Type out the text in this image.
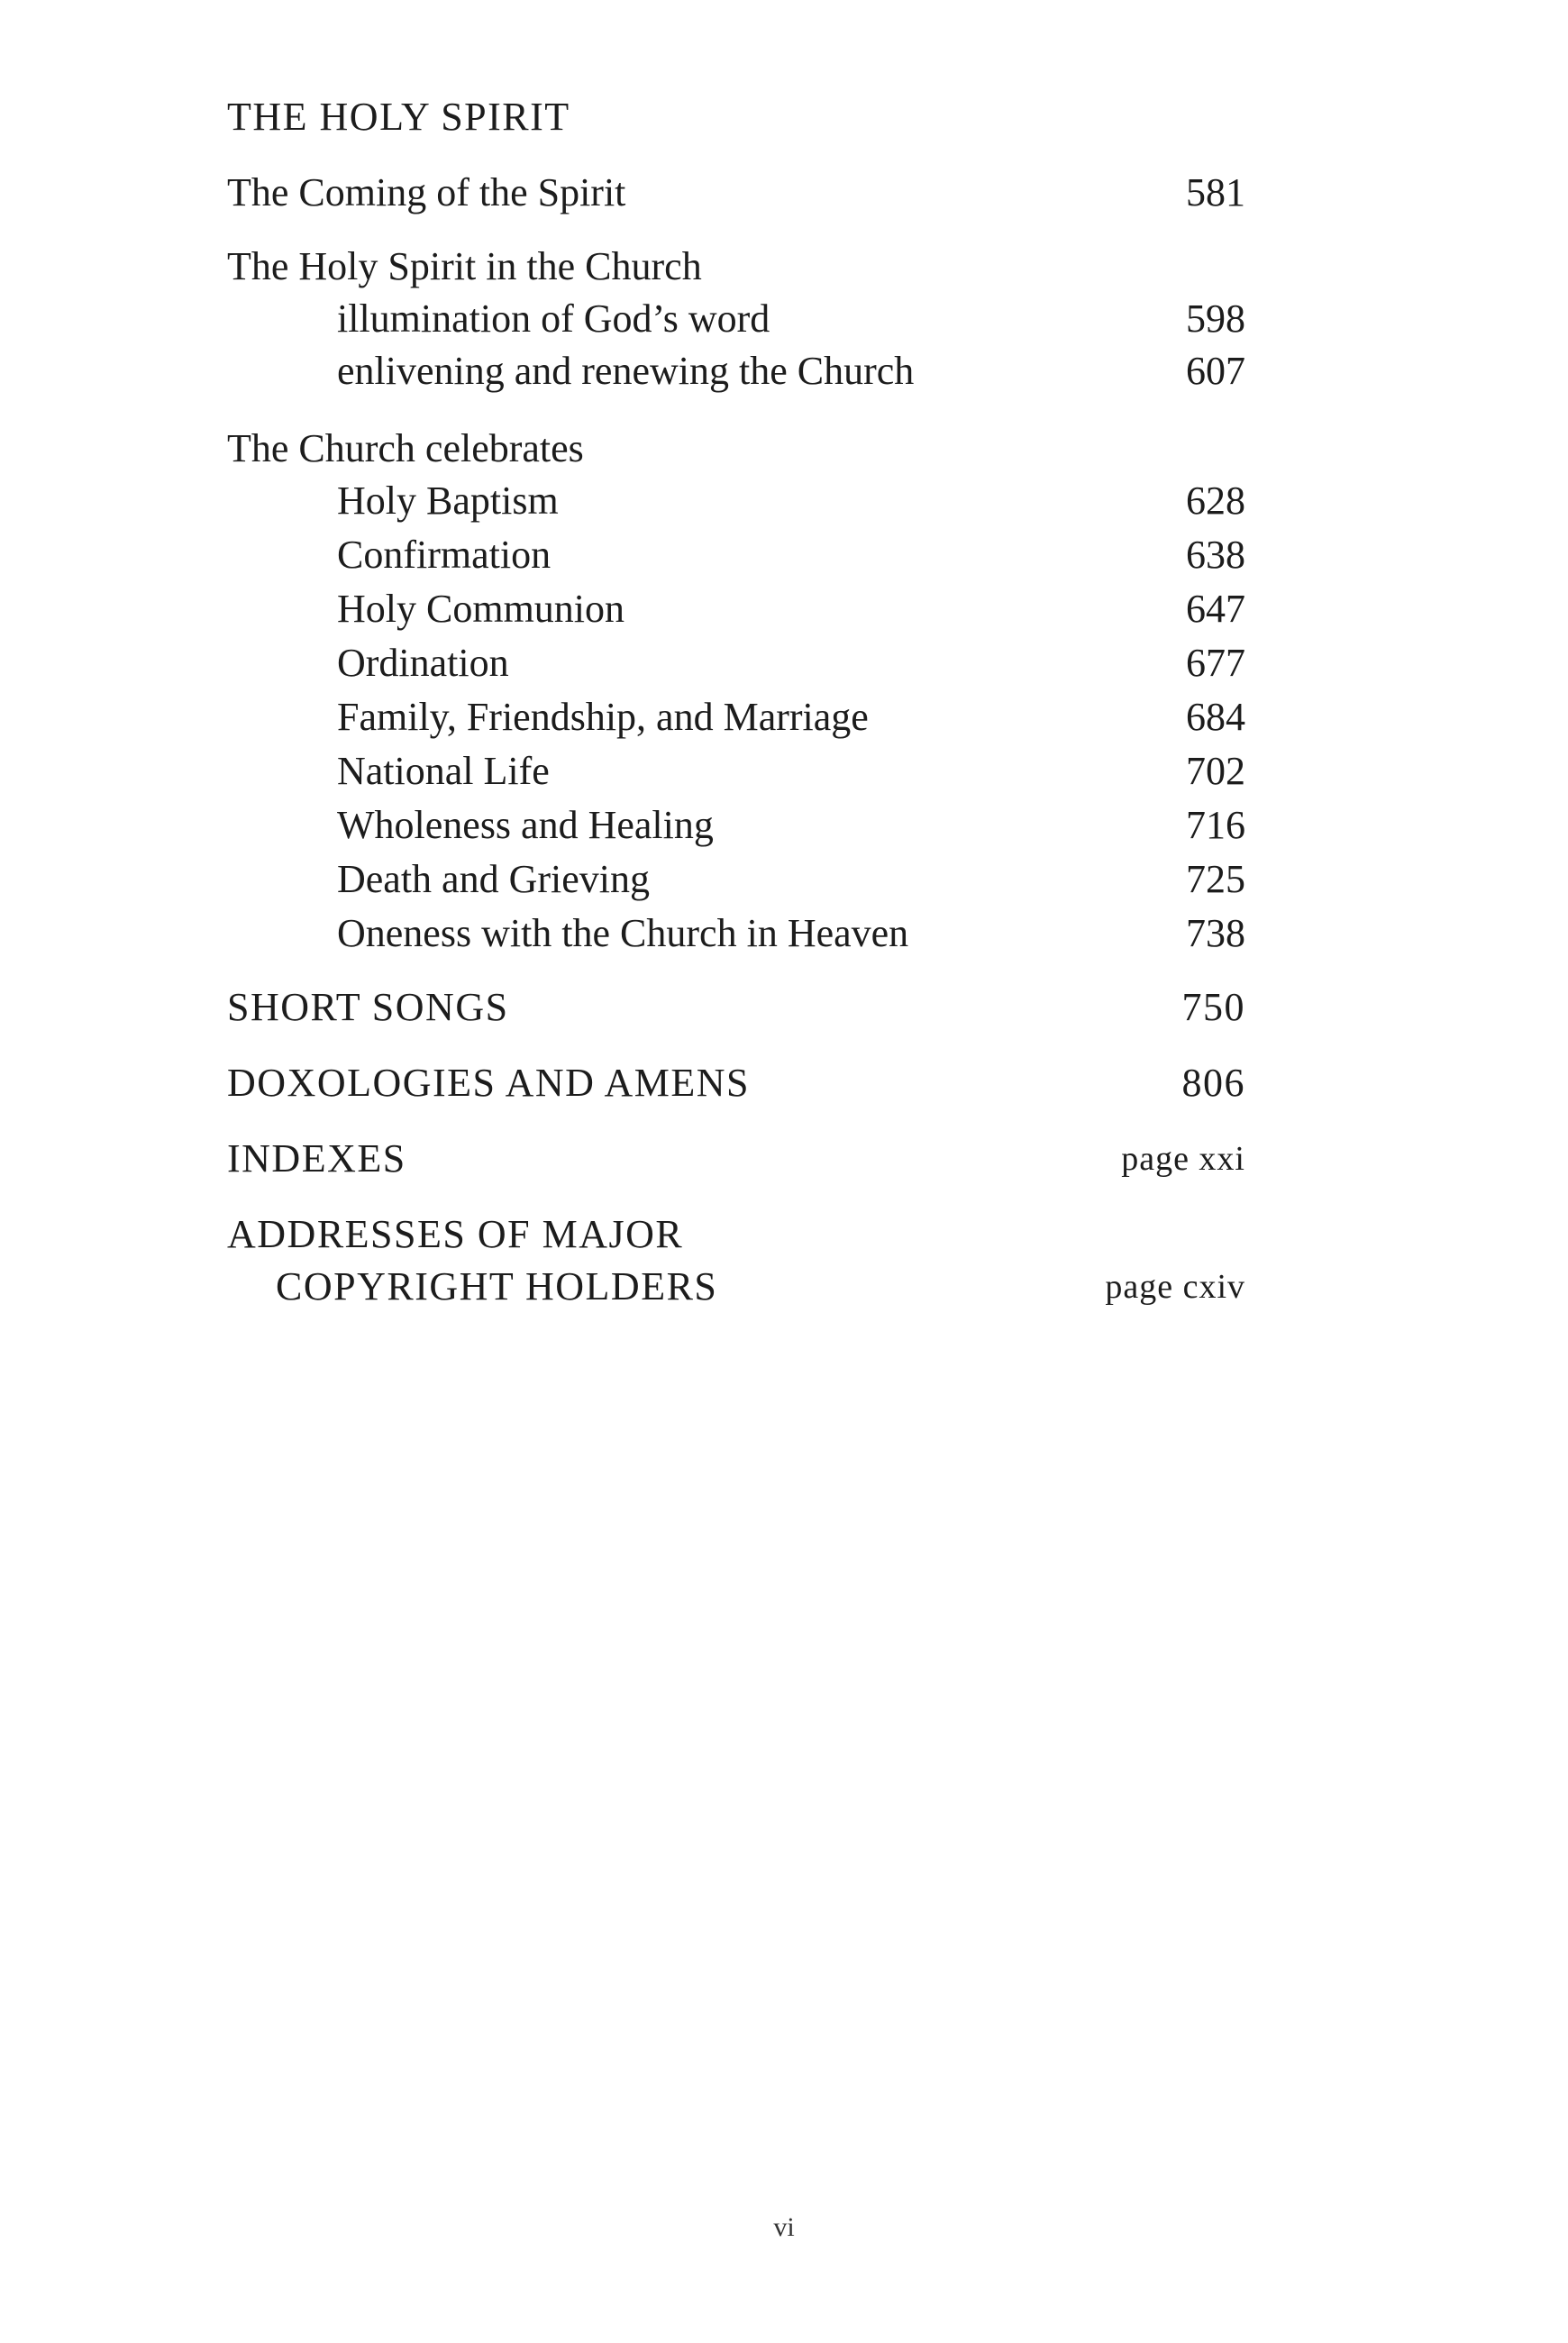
THE HOLY SPIRIT
The Coming of the Spirit	581
The Holy Spirit in the Church
illumination of God’s word	598
enlivening and renewing the Church	607
The Church celebrates
Holy Baptism	628
Confirmation	638
Holy Communion	647
Ordination	677
Family, Friendship, and Marriage	684
National Life	702
Wholeness and Healing	716
Death and Grieving	725
Oneness with the Church in Heaven	738
SHORT SONGS	750
DOXOLOGIES AND AMENS	806
INDEXES	page xxi
ADDRESSES OF MAJOR
COPYRIGHT HOLDERS	page cxiv
vi
